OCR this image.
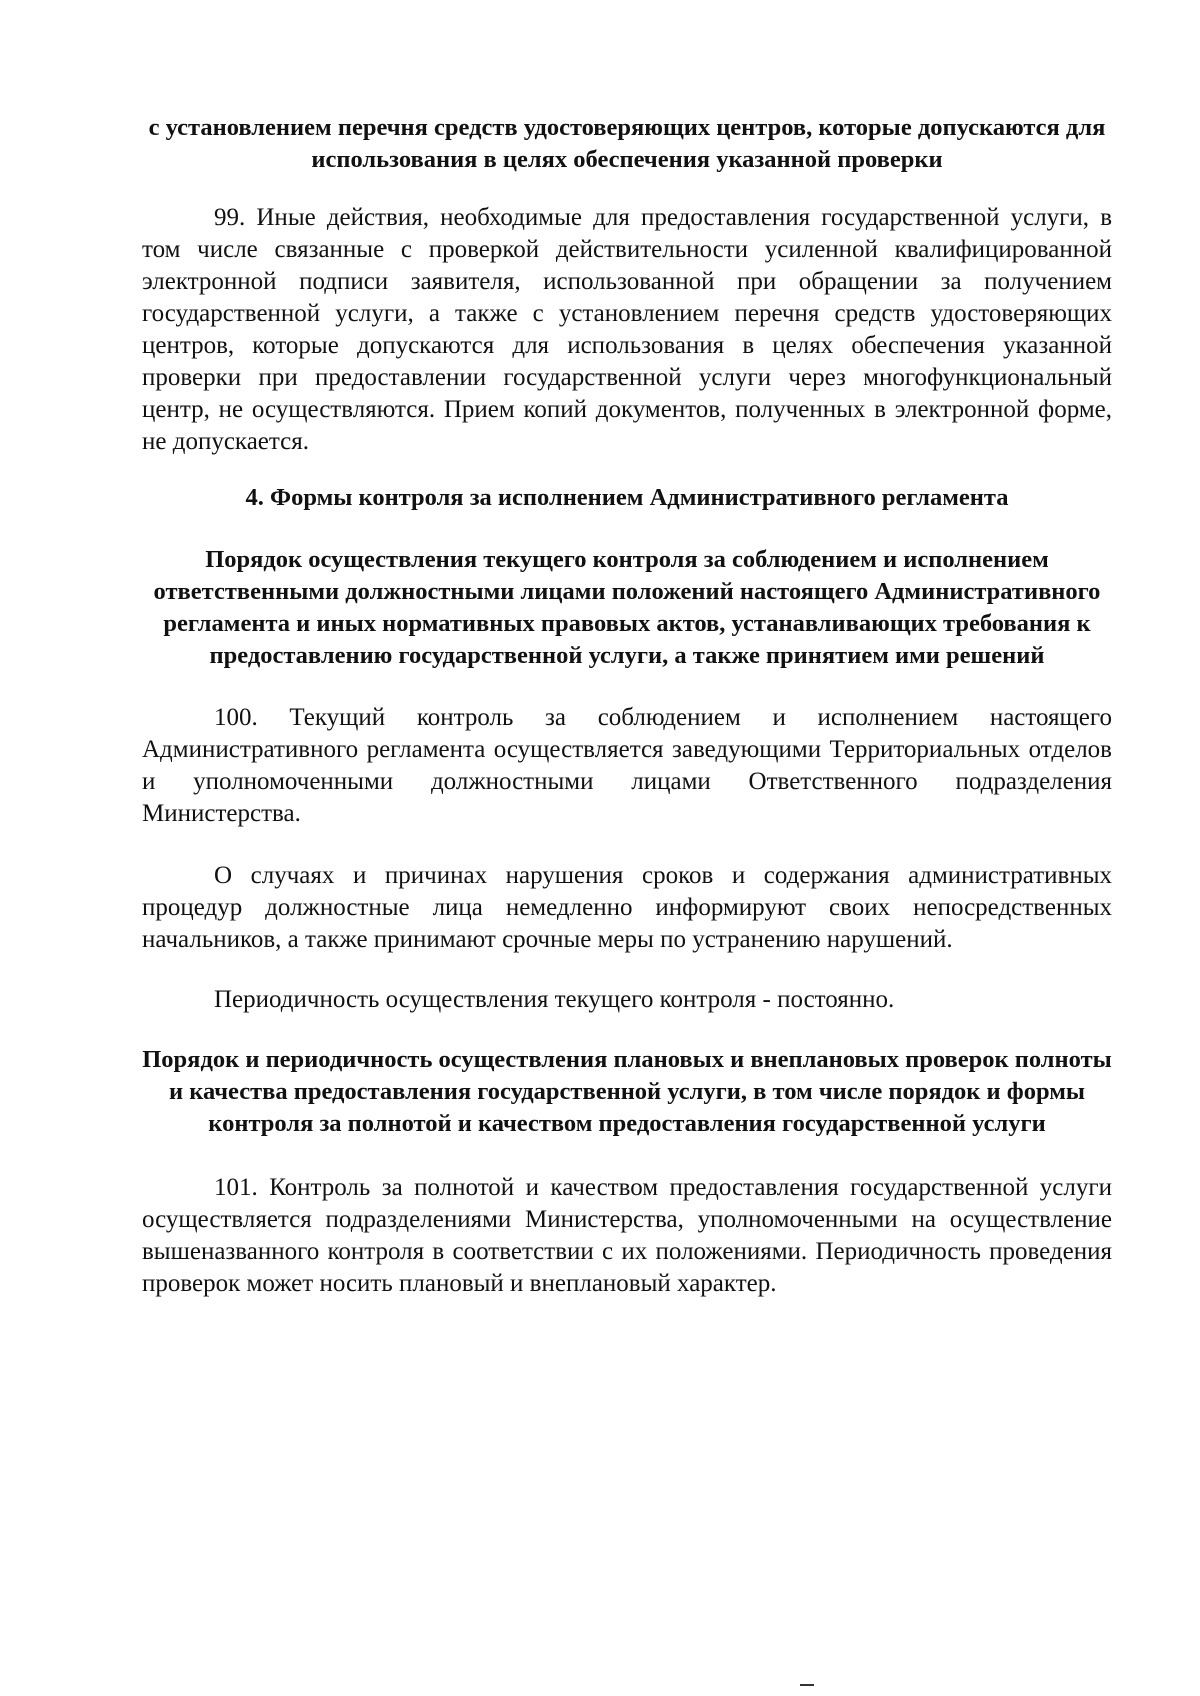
с установлением перечня средств удостоверяющих центров, которые допускаются для использования в целях обеспечения указанной проверки

99. Иные действия, необходимые для предоставления государственной услуги, в том числе связанные с проверкой действительности усиленной квалифицированной электронной подписи заявителя, использованной при обращении за получением государственной услуги, а также с установлением перечня средств удостоверяющих центров, которые допускаются для использования в целях обеспечения указанной проверки при предоставлении государственной услуги через многофункциональный центр, не осуществляются. Прием копий документов, полученных в электронной форме, не допускается.

4. Формы контроля за исполнением Административного регламента

Порядок осуществления текущего контроля за соблюдением и исполнением ответственными должностными лицами положений настоящего Административного регламента и иных нормативных правовых актов, устанавливающих требования к предоставлению государственной услуги, а также принятием ими решений

100. Текущий контроль за соблюдением и исполнением настоящего Административного регламента осуществляется заведующими Территориальных отделов и уполномоченными должностными лицами Ответственного подразделения Министерства.

О случаях и причинах нарушения сроков и содержания административных процедур должностные лица немедленно информируют своих непосредственных начальников, а также принимают срочные меры по устранению нарушений.

Периодичность осуществления текущего контроля - постоянно.

Порядок и периодичность осуществления плановых и внеплановых проверок полноты и качества предоставления государственной услуги, в том числе порядок и формы контроля за полнотой и качеством предоставления государственной услуги

101. Контроль за полнотой и качеством предоставления государственной услуги осуществляется подразделениями Министерства, уполномоченными на осуществление вышеназванного контроля в соответствии с их положениями. Периодичность проведения проверок может носить плановый и внеплановый характер.
